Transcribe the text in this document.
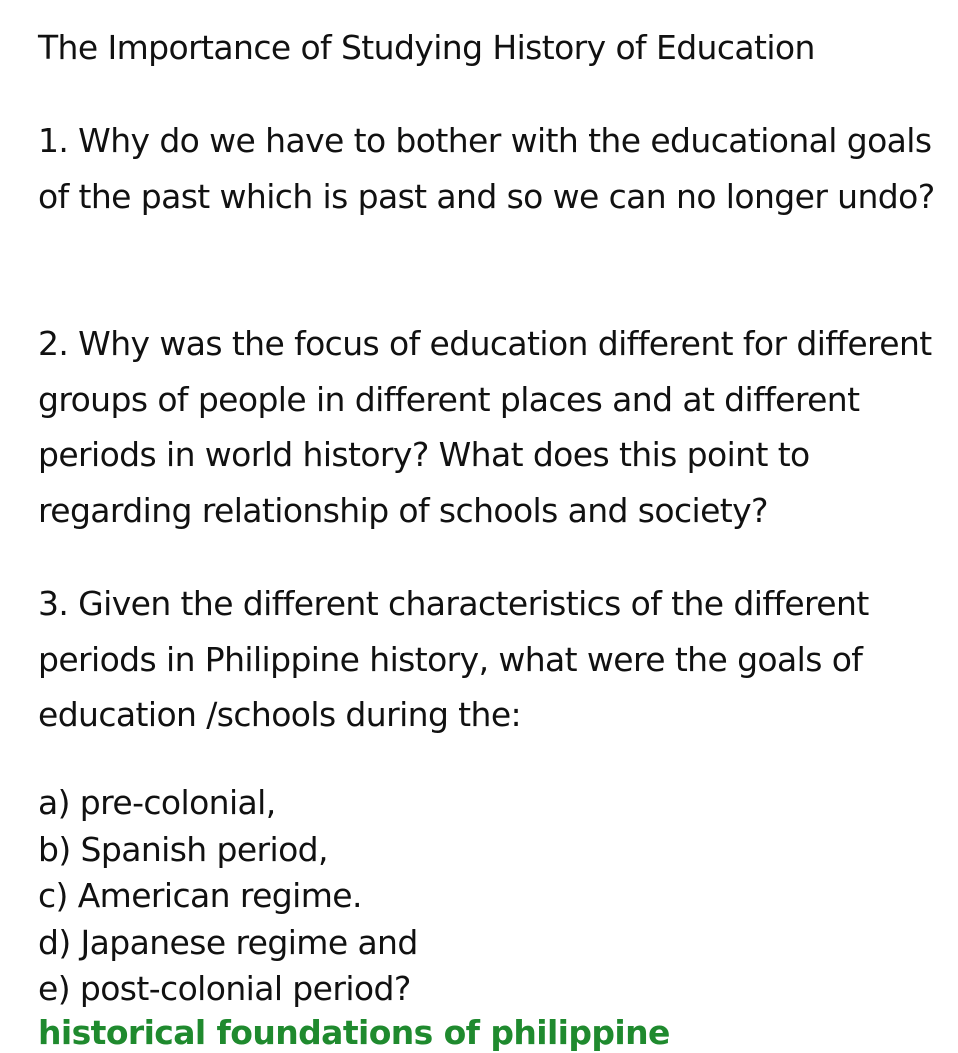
The Importance of Studying History of Education

1. Why do we have to bother with the educational goals of the past which is past and so we can no longer undo?

2. Why was the focus of education different for different groups of people in different places and at different periods in world history? What does this point to regarding relationship of schools and society?

3. Given the different characteristics of the different periods in Philippine history, what were the goals of education /schools during the:

a) pre-colonial,
b) Spanish period,
c) American regime.
d) Japanese regime and
e) post-colonial period?
historical foundations of philippine
